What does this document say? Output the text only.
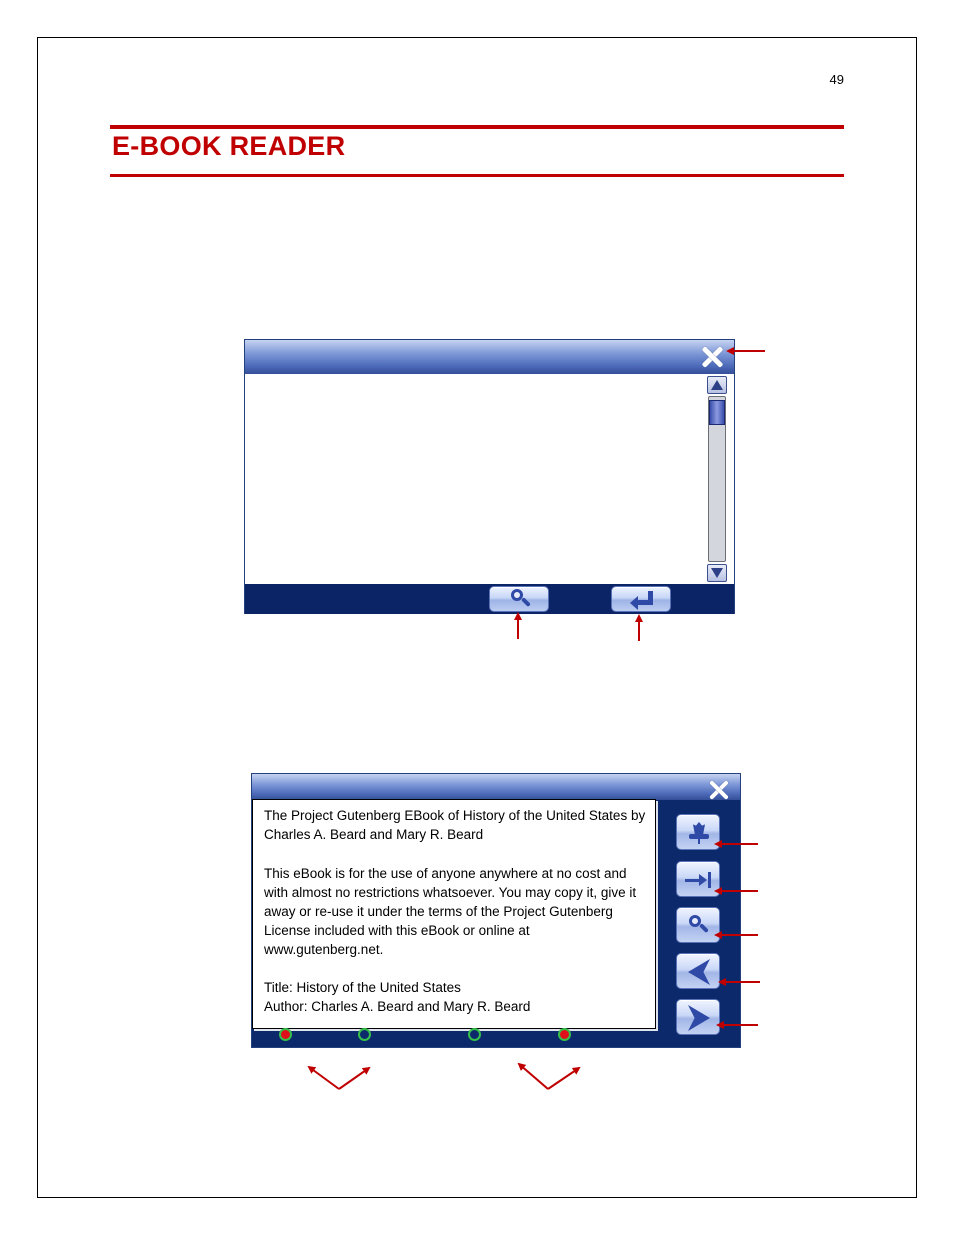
49
E-BOOK READER
The Project Gutenberg EBook of History of the United States by Charles A. Beard and Mary R. Beard
This eBook is for the use of anyone anywhere at no cost and with almost no restrictions whatsoever. You may copy it, give it away or re-use it under the terms of the Project Gutenberg License included with this eBook or online at www.gutenberg.net.
Title: History of the United States
Author: Charles A. Beard and Mary R. Beard
